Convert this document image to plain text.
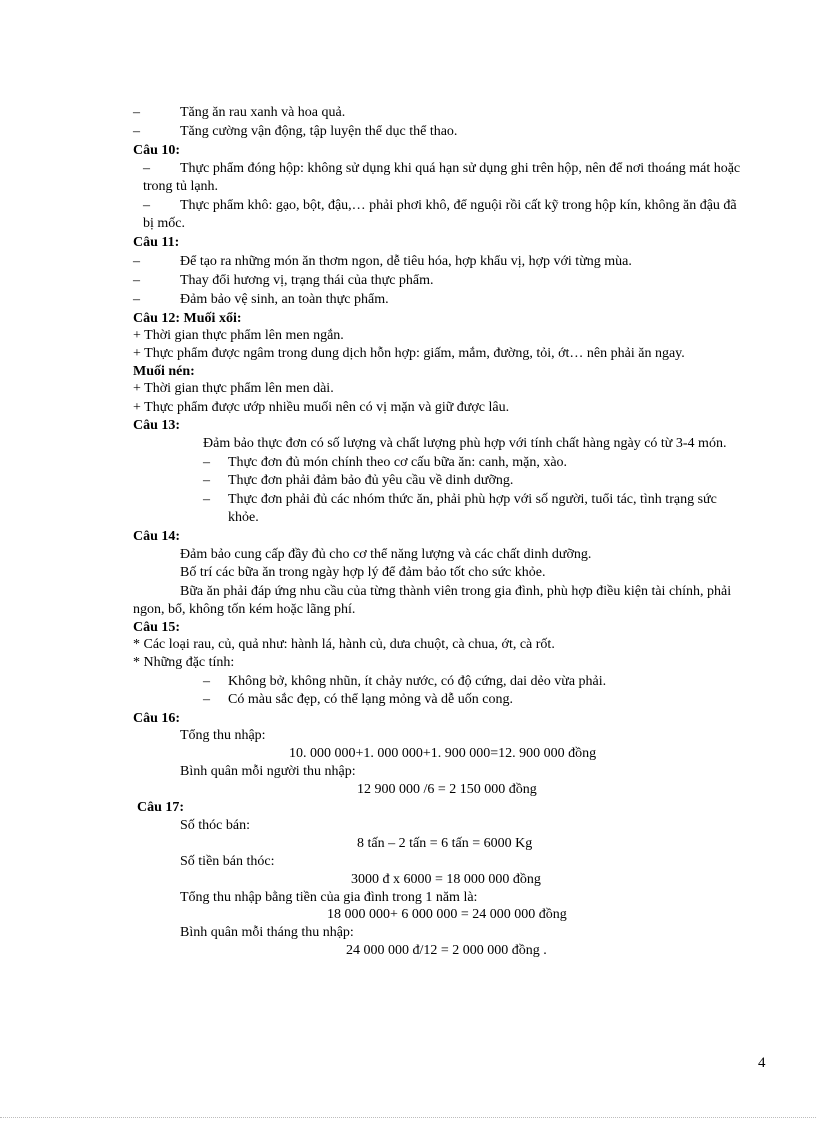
–	Tăng ăn rau xanh và hoa quả.
–	Tăng cường vận động, tập luyện thể dục thể thao.
Câu 10:
– Thực phẩm đóng hộp: không sử dụng khi quá hạn sử dụng ghi trên hộp, nên để nơi thoáng mát hoặc
trong tủ lạnh.
– Thực phẩm khô: gạo, bột, đậu,… phải phơi khô, để nguội rồi cất kỹ trong hộp kín, không ăn đậu đã
bị mốc.
Câu 11:
–	Để tạo ra những món ăn thơm ngon, dễ tiêu hóa, hợp khẩu vị, hợp với từng mùa.
–	Thay đổi hương vị, trạng thái của thực phẩm.
–	Đảm bảo vệ sinh, an toàn thực phẩm.
Câu 12: Muối xổi:
+ Thời gian thực phẩm lên men ngắn.
+ Thực phẩm được ngâm trong dung dịch hỗn hợp: giấm, mắm, đường, tỏi, ớt… nên phải ăn ngay.
Muối nén:
+ Thời gian thực phẩm lên men dài.
+ Thực phẩm được ướp nhiều muối nên có vị mặn và giữ được lâu.
Câu 13:
Đảm bảo thực đơn có số lượng và chất lượng phù hợp với tính chất hàng ngày có từ 3-4 món.
– Thực đơn đủ món chính theo cơ cấu bữa ăn: canh, mặn, xào.
– Thực đơn phải đảm bảo đủ yêu cầu về dinh dưỡng.
– Thực đơn phải đủ các nhóm thức ăn, phải phù hợp với số người, tuổi tác, tình trạng sức
khỏe.
Câu 14:
Đảm bảo cung cấp đầy đủ cho cơ thể năng lượng và các chất dinh dưỡng.
Bố trí các bữa ăn trong ngày hợp lý để đảm bảo tốt cho sức khỏe.
Bữa ăn phải đáp ứng nhu cầu của từng thành viên trong gia đình, phù hợp điều kiện tài chính, phải
ngon, bổ, không tốn kém hoặc lãng phí.
Câu 15:
* Các loại rau, củ, quả như: hành lá, hành củ, dưa chuột, cà chua, ớt, cà rốt.
* Những đặc tính:
– Không bở, không nhũn, ít chảy nước, có độ cứng, dai dẻo vừa phải.
– Có màu sắc đẹp, có thể lạng mỏng và dễ uốn cong.
Câu 16:
Tổng thu nhập:
10. 000 000+1. 000 000+1. 900 000=12. 900 000 đồng
Bình quân mỗi người thu nhập:
12 900 000 /6 = 2 150 000 đồng
Câu 17:
Số thóc bán:
8 tấn – 2 tấn = 6 tấn = 6000 Kg
Số tiền bán thóc:
3000 đ x 6000 = 18 000 000 đồng
Tổng thu nhập bằng tiền của gia đình trong 1 năm là:
18 000 000+ 6 000 000 = 24 000 000 đồng
Bình quân mỗi tháng thu nhập:
24 000 000 đ/12 = 2 000 000 đồng .
4
